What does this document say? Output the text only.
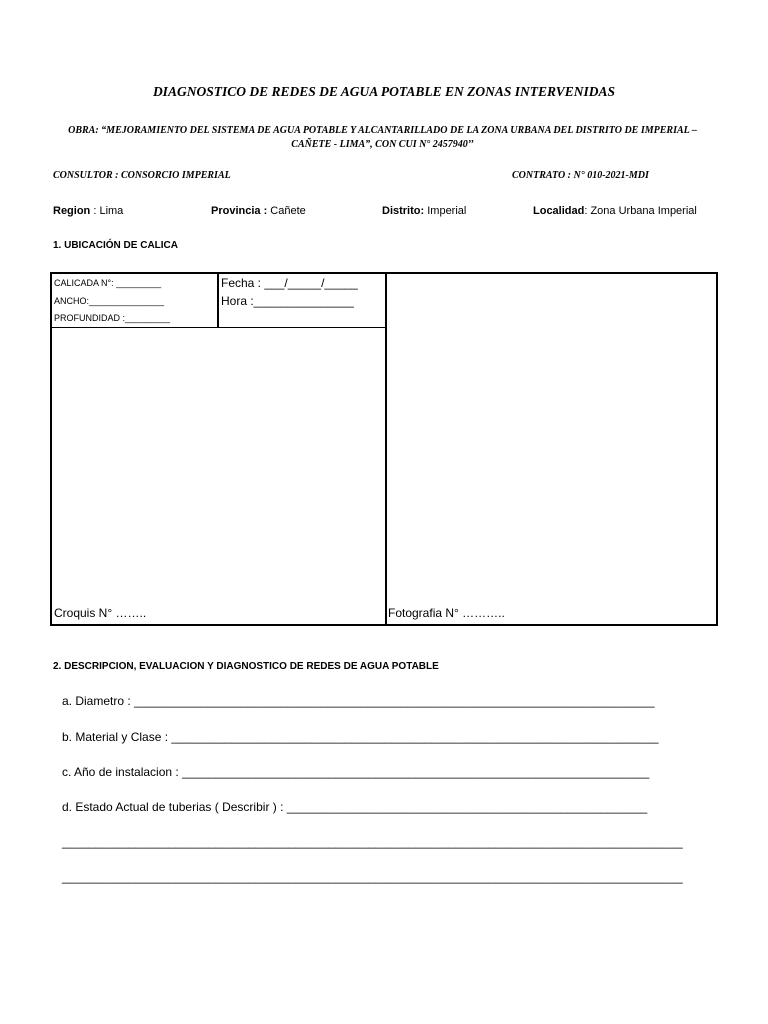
DIAGNOSTICO DE REDES DE AGUA POTABLE EN ZONAS INTERVENIDAS
OBRA: “MEJORAMIENTO DEL SISTEMA DE AGUA POTABLE Y ALCANTARILLADO DE LA ZONA URBANA DEL DISTRITO DE IMPERIAL – CAÑETE - LIMA”, CON CUI N° 2457940’’
CONSULTOR : CONSORCIO IMPERIAL	CONTRATO : N° 010-2021-MDI
Region : Lima	Provincia : Cañete	Distrito: Imperial	Localidad: Zona Urbana Imperial
1. UBICACIÓN DE CALICA
CALICADA N°: _________
ANCHO:_______________
PROFUNDIDAD :_________
Fecha : ___/_____/_____
Hora :_______________
Croquis N° ……..	Fotografia N° ………..
2. DESCRIPCION, EVALUACION Y DIAGNOSTICO DE REDES DE AGUA POTABLE
a. Diametro : ______________________________________________________________________________
b. Material y Clase : _________________________________________________________________________
c. Año de instalacion : ______________________________________________________________________
d. Estado Actual de tuberias ( Describir ) : ______________________________________________________
_____________________________________________________________________________________________
_____________________________________________________________________________________________
